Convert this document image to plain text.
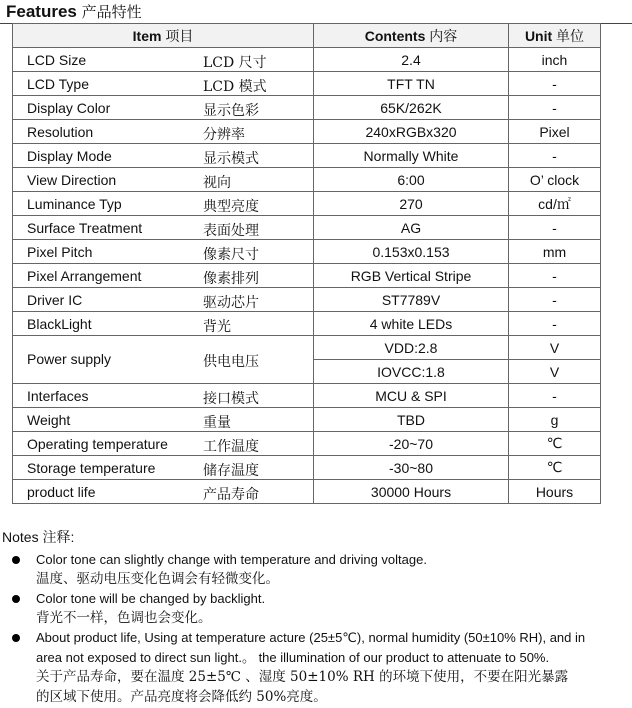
Features 产品特性
Item 项目	Contents 内容	Unit 单位

LCD Size LCD 尺寸	2.4	inch

LCD Type LCD 模式	TFT TN	-

Display Color 显示色彩	65K/262K	-

Resolution 分辨率	240xRGBx320	Pixel

Display Mode 显示模式	Normally White	-

View Direction 视向	6:00	O’ clock

Luminance Typ 典型亮度	270	cd/㎡

Surface Treatment 表面处理	AG	-

Pixel Pitch 像素尺寸	0.153x0.153	mm

Pixel Arrangement 像素排列	RGB Vertical Stripe	-

Driver IC 驱动芯片	ST7789V	-

BlackLight 背光	4 white LEDs	-

Power supply 供电电压	VDD:2.8	V
	IOVCC:1.8	V

Interfaces 接口模式	MCU & SPI	-

Weight 重量	TBD	g

Operating temperature 工作温度	-20~70	℃

Storage temperature 储存温度	-30~80	℃

product life 产品寿命	30000 Hours	Hours
Notes 注释:
Color tone can slightly change with temperature and driving voltage.
温度、驱动电压变化色调会有轻微变化。
Color tone will be changed by backlight.
背光不一样，色调也会变化。
About product life, Using at temperature acture (25±5℃), normal humidity (50±10% RH), and in
area not exposed to direct sun light.。 the illumination of our product to attenuate to 50%.
关于产品寿命，要在温度 25±5℃ 、湿度 50±10% RH 的环境下使用，不要在阳光暴露
的区域下使用。产品亮度将会降低约 50%亮度。
